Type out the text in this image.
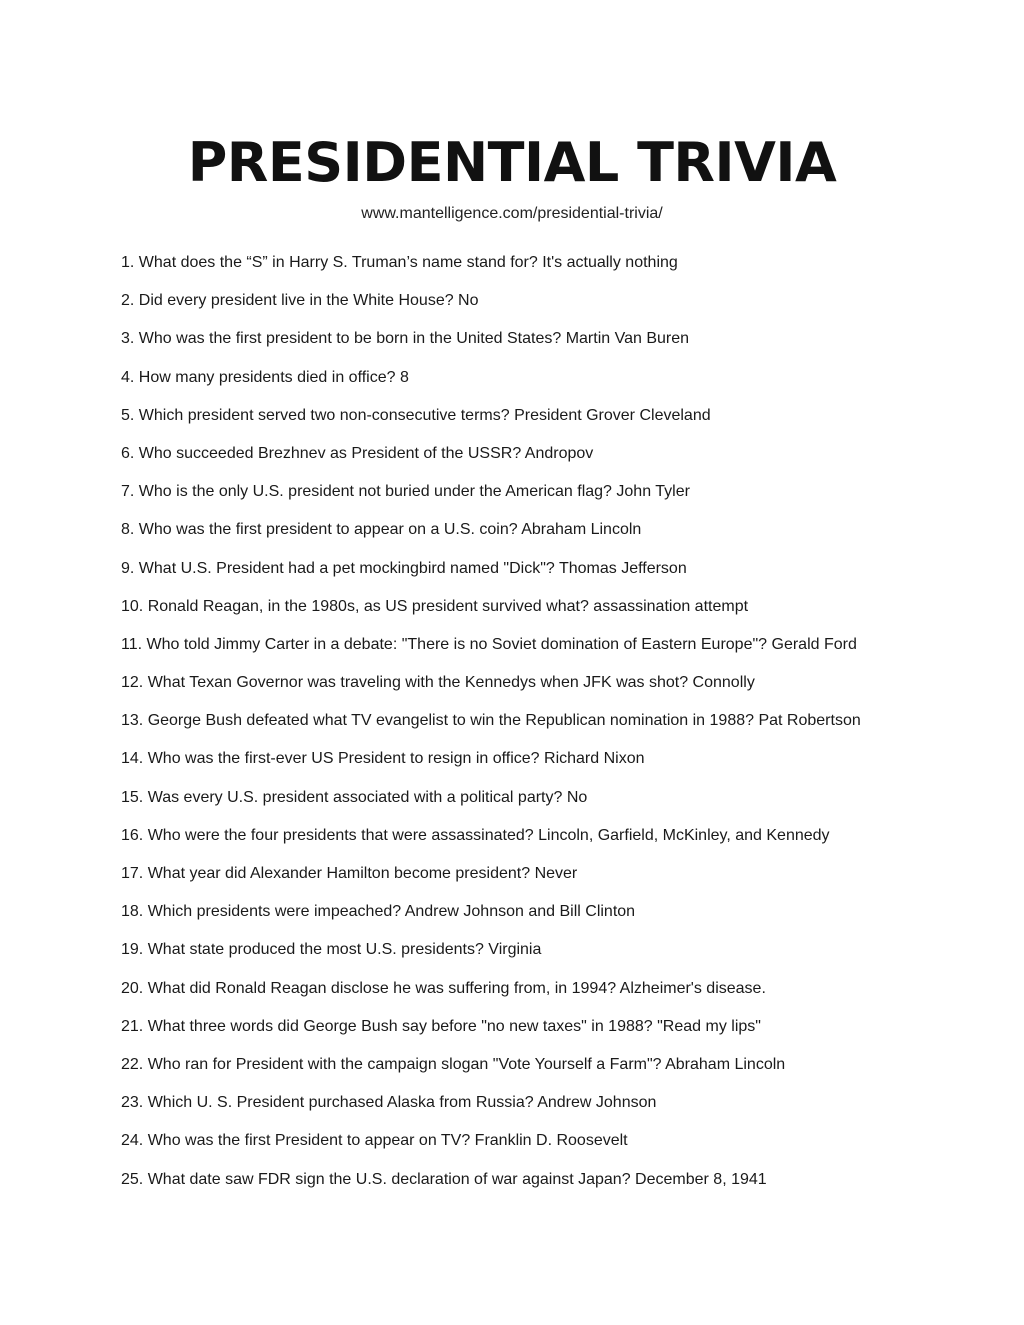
PRESIDENTIAL TRIVIA
www.mantelligence.com/presidential-trivia/
1. What does the “S” in Harry S. Truman’s name stand for? It's actually nothing
2. Did every president live in the White House? No
3. Who was the first president to be born in the United States? Martin Van Buren
4. How many presidents died in office? 8
5. Which president served two non-consecutive terms? President Grover Cleveland
6. Who succeeded Brezhnev as President of the USSR? Andropov
7. Who is the only U.S. president not buried under the American flag? John Tyler
8. Who was the first president to appear on a U.S. coin? Abraham Lincoln
9. What U.S. President had a pet mockingbird named "Dick"? Thomas Jefferson
10. Ronald Reagan, in the 1980s, as US president survived what? assassination attempt
11. Who told Jimmy Carter in a debate: "There is no Soviet domination of Eastern Europe"? Gerald Ford
12. What Texan Governor was traveling with the Kennedys when JFK was shot? Connolly
13. George Bush defeated what TV evangelist to win the Republican nomination in 1988? Pat Robertson
14. Who was the first-ever US President to resign in office? Richard Nixon
15. Was every U.S. president associated with a political party? No
16. Who were the four presidents that were assassinated? Lincoln, Garfield, McKinley, and Kennedy
17. What year did Alexander Hamilton become president? Never
18. Which presidents were impeached? Andrew Johnson and Bill Clinton
19. What state produced the most U.S. presidents? Virginia
20. What did Ronald Reagan disclose he was suffering from, in 1994? Alzheimer's disease.
21. What three words did George Bush say before "no new taxes" in 1988? "Read my lips"
22. Who ran for President with the campaign slogan "Vote Yourself a Farm"? Abraham Lincoln
23. Which U. S. President purchased Alaska from Russia? Andrew Johnson
24. Who was the first President to appear on TV? Franklin D. Roosevelt
25. What date saw FDR sign the U.S. declaration of war against Japan? December 8, 1941
